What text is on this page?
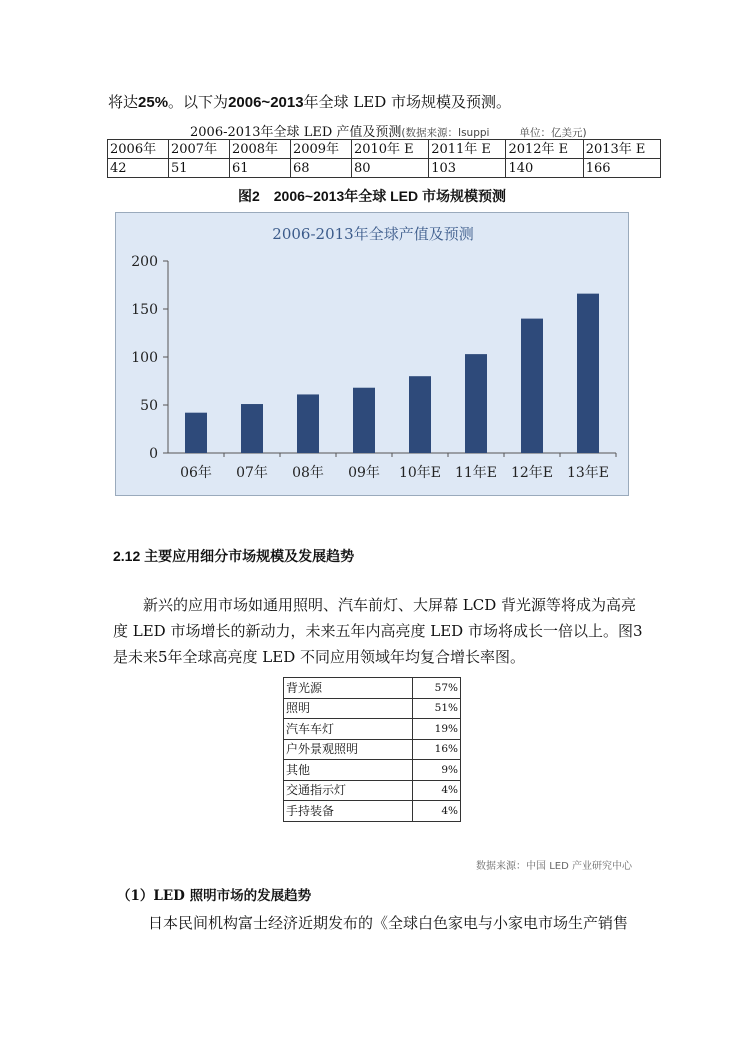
将达25%。以下为2006~2013年全球 LED 市场规模及预测。
2006-2013年全球 LED 产值及预测(数据来源：Isuppi	单位：亿美元)
2006年	2007年	2008年	2009年	2010年 E	2011年 E	2012年 E	2013年 E
42	51	61	68	80	103	140	166
图2　2006~2013年全球 LED 市场规模预测
2006-2013年全球产值及预测
0
50
100
150
200
06年 07年 08年 09年 10年E 11年E 12年E 13年E
2.12 主要应用细分市场规模及发展趋势
新兴的应用市场如通用照明、汽车前灯、大屏幕 LCD 背光源等将成为高亮
度 LED 市场增长的新动力，未来五年内高亮度 LED 市场将成长一倍以上。图3
是未来5年全球高亮度 LED 不同应用领域年均复合增长率图。
背光源	57%
照明	51%
汽车车灯	19%
户外景观照明	16%
其他	9%
交通指示灯	4%
手持装备	4%
数据来源：中国 LED 产业研究中心
（1）LED 照明市场的发展趋势
日本民间机构富士经济近期发布的《全球白色家电与小家电市场生产销售
